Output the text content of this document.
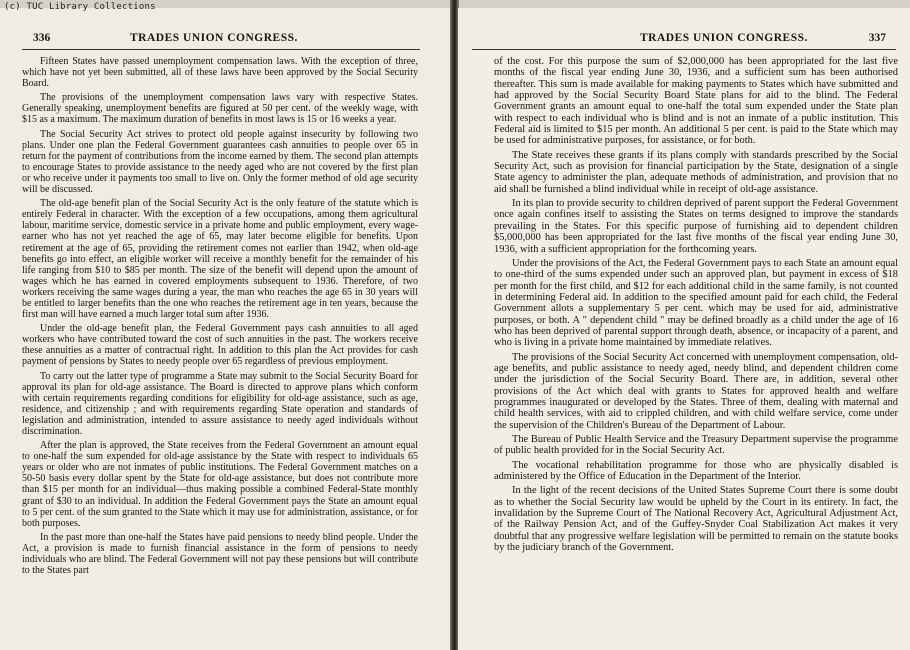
(c) TUC Library Collections
336	TRADES UNION CONGRESS.

Fifteen States have passed unemployment compensation laws. With the exception of three, which have not yet been submitted, all of these laws have been approved by the Social Security Board.

The provisions of the unemployment compensation laws vary with respective States. Generally speaking, unemployment benefits are figured at 50 per cent. of the weekly wage, with $15 as a maximum. The maximum duration of benefits in most laws is 15 or 16 weeks a year.

The Social Security Act strives to protect old people against insecurity by following two plans. Under one plan the Federal Government guarantees cash annuities to people over 65 in return for the payment of contributions from the income earned by them. The second plan attempts to encourage States to provide assistance to the needy aged who are not covered by the first plan or who receive under it payments too small to live on. Only the former method of old age security will be discussed.

The old-age benefit plan of the Social Security Act is the only feature of the statute which is entirely Federal in character. With the exception of a few occupations, among them agricultural labour, maritime service, domestic service in a private home and public employment, every wage-earner who has not yet reached the age of 65, may later become eligible for benefits. Upon retirement at the age of 65, providing the retirement comes not earlier than 1942, when old-age benefits go into effect, an eligible worker will receive a monthly benefit for the remainder of his life ranging from $10 to $85 per month. The size of the benefit will depend upon the amount of wages which he has earned in covered employments subsequent to 1936. Therefore, of two workers receiving the same wages during a year, the man who reaches the age 65 in 30 years will be entitled to larger benefits than the one who reaches the retirement age in ten years, because the first man will have earned a much larger total sum after 1936.

Under the old-age benefit plan, the Federal Government pays cash annuities to all aged workers who have contributed toward the cost of such annuities in the past. The workers receive these annuities as a matter of contractual right. In addition to this plan the Act provides for cash payment of pensions by States to needy people over 65 regardless of previous employment.

To carry out the latter type of programme a State may submit to the Social Security Board for approval its plan for old-age assistance. The Board is directed to approve plans which conform with certain requirements regarding conditions for eligibility for old-age assistance, such as age, residence, and citizenship ; and with requirements regarding State operation and standards of legislation and administration, intended to assure assistance to needy aged individuals without discrimination.

After the plan is approved, the State receives from the Federal Government an amount equal to one-half the sum expended for old-age assistance by the State with respect to individuals 65 years or older who are not inmates of public institutions. The Federal Government matches on a 50-50 basis every dollar spent by the State for old-age assistance, but does not contribute more than $15 per month for an individual—thus making possible a combined Federal-State monthly grant of $30 to an individual. In addition the Federal Government pays the State an amount equal to 5 per cent. of the sum granted to the State which it may use for administration, assistance, or for both purposes.

In the past more than one-half the States have paid pensions to needy blind people. Under the Act, a provision is made to furnish financial assistance in the form of pensions to needy individuals who are blind. The Federal Government will not pay these pensions but will contribute to the States part

TRADES UNION CONGRESS.	337

of the cost. For this purpose the sum of $2,000,000 has been appropriated for the last five months of the fiscal year ending June 30, 1936, and a sufficient sum has been authorised thereafter. This sum is made available for making payments to States which have submitted and had approved by the Social Security Board State plans for aid to the blind. The Federal Government grants an amount equal to one-half the total sum expended under the State plan with respect to each individual who is blind and is not an inmate of a public institution. This Federal aid is limited to $15 per month. An additional 5 per cent. is paid to the State which may be used for administrative purposes, for assistance, or for both.

The State receives these grants if its plans comply with standards prescribed by the Social Security Act, such as provision for financial participation by the State, designation of a single State agency to administer the plan, adequate methods of administration, and provision that no aid shall be furnished a blind individual while in receipt of old-age assistance.

In its plan to provide security to children deprived of parent support the Federal Government once again confines itself to assisting the States on terms designed to improve the standards prevailing in the States. For this specific purpose of furnishing aid to dependent children $5,000,000 has been appropriated for the last five months of the fiscal year ending June 30, 1936, with a sufficient appropriation for the forthcoming years.

Under the provisions of the Act, the Federal Government pays to each State an amount equal to one-third of the sums expended under such an approved plan, but payment in excess of $18 per month for the first child, and $12 for each additional child in the same family, is not counted in determining Federal aid. In addition to the specified amount paid for each child, the Federal Government allots a supplementary 5 per cent. which may be used for aid, administrative purposes, or both. A " dependent child " may be defined broadly as a child under the age of 16 who has been deprived of parental support through death, absence, or incapacity of a parent, and who is living in a private home maintained by immediate relatives.

The provisions of the Social Security Act concerned with unemployment compensation, old-age benefits, and public assistance to needy aged, needy blind, and dependent children come under the jurisdiction of the Social Security Board. There are, in addition, several other provisions of the Act which deal with grants to States for approved health and welfare programmes inaugurated or developed by the States. Three of them, dealing with maternal and child health services, with aid to crippled children, and with child welfare service, come under the supervision of the Children's Bureau of the Department of Labour.

The Bureau of Public Health Service and the Treasury Department supervise the programme of public health provided for in the Social Security Act.

The vocational rehabilitation programme for those who are physically disabled is administered by the Office of Education in the Department of the Interior.

In the light of the recent decisions of the United States Supreme Court there is some doubt as to whether the Social Security law would be upheld by the Court in its entirety. In fact, the invalidation by the Supreme Court of The National Recovery Act, Agricultural Adjustment Act, of the Railway Pension Act, and of the Guffey-Snyder Coal Stabilization Act makes it very doubtful that any progressive welfare legislation will be permitted to remain on the statute books by the judiciary branch of the Government.
